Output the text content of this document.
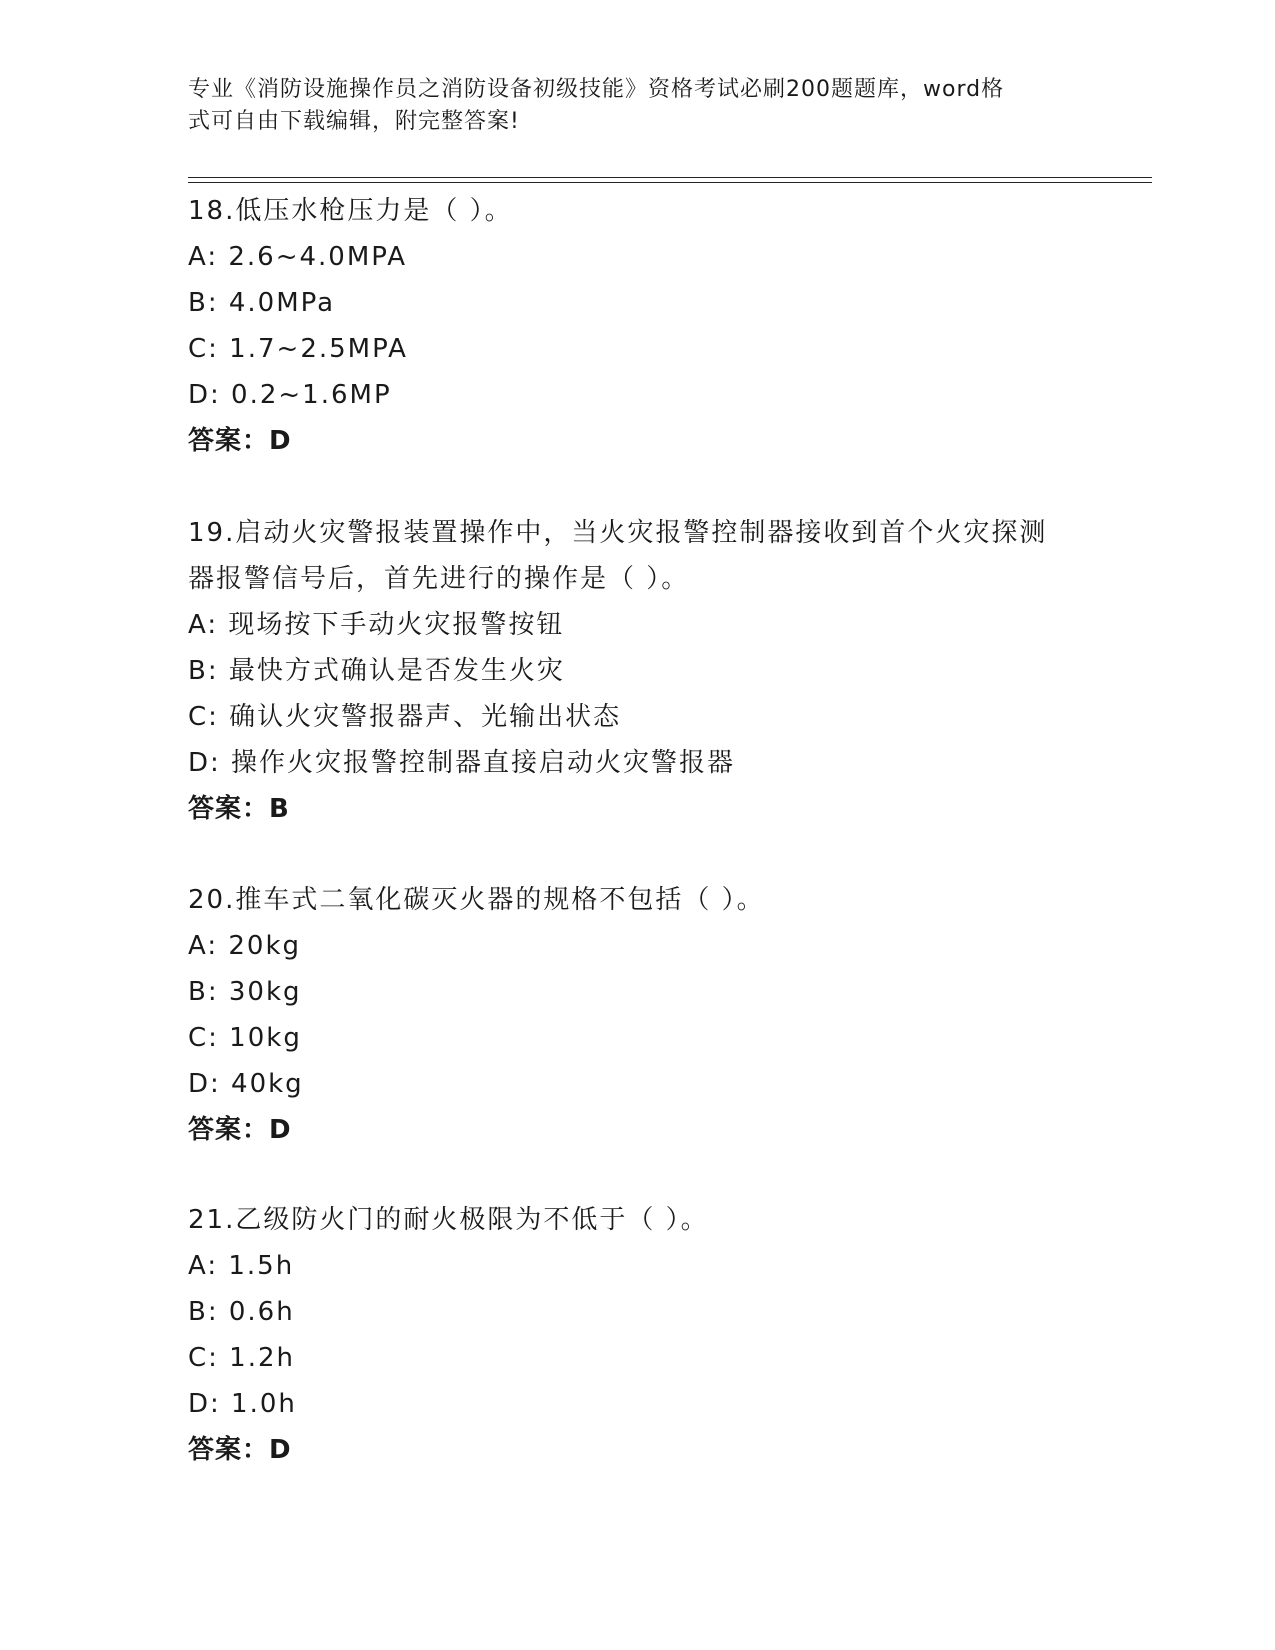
专业《消防设施操作员之消防设备初级技能》资格考试必刷200题题库，word格
式可自由下载编辑，附完整答案!

18.低压水枪压力是（ ）。

A: 2.6~4.0MPA

B: 4.0MPa

C: 1.7~2.5MPA

D: 0.2~1.6MP

答案：D

19.启动火灾警报装置操作中，当火灾报警控制器接收到首个火灾探测

器报警信号后，首先进行的操作是（ ）。

A: 现场按下手动火灾报警按钮

B: 最快方式确认是否发生火灾

C: 确认火灾警报器声、光输出状态

D: 操作火灾报警控制器直接启动火灾警报器

答案：B

20.推车式二氧化碳灭火器的规格不包括（ ）。

A: 20kg

B: 30kg

C: 10kg

D: 40kg

答案：D

21.乙级防火门的耐火极限为不低于（ ）。

A: 1.5h

B: 0.6h

C: 1.2h

D: 1.0h

答案：D
